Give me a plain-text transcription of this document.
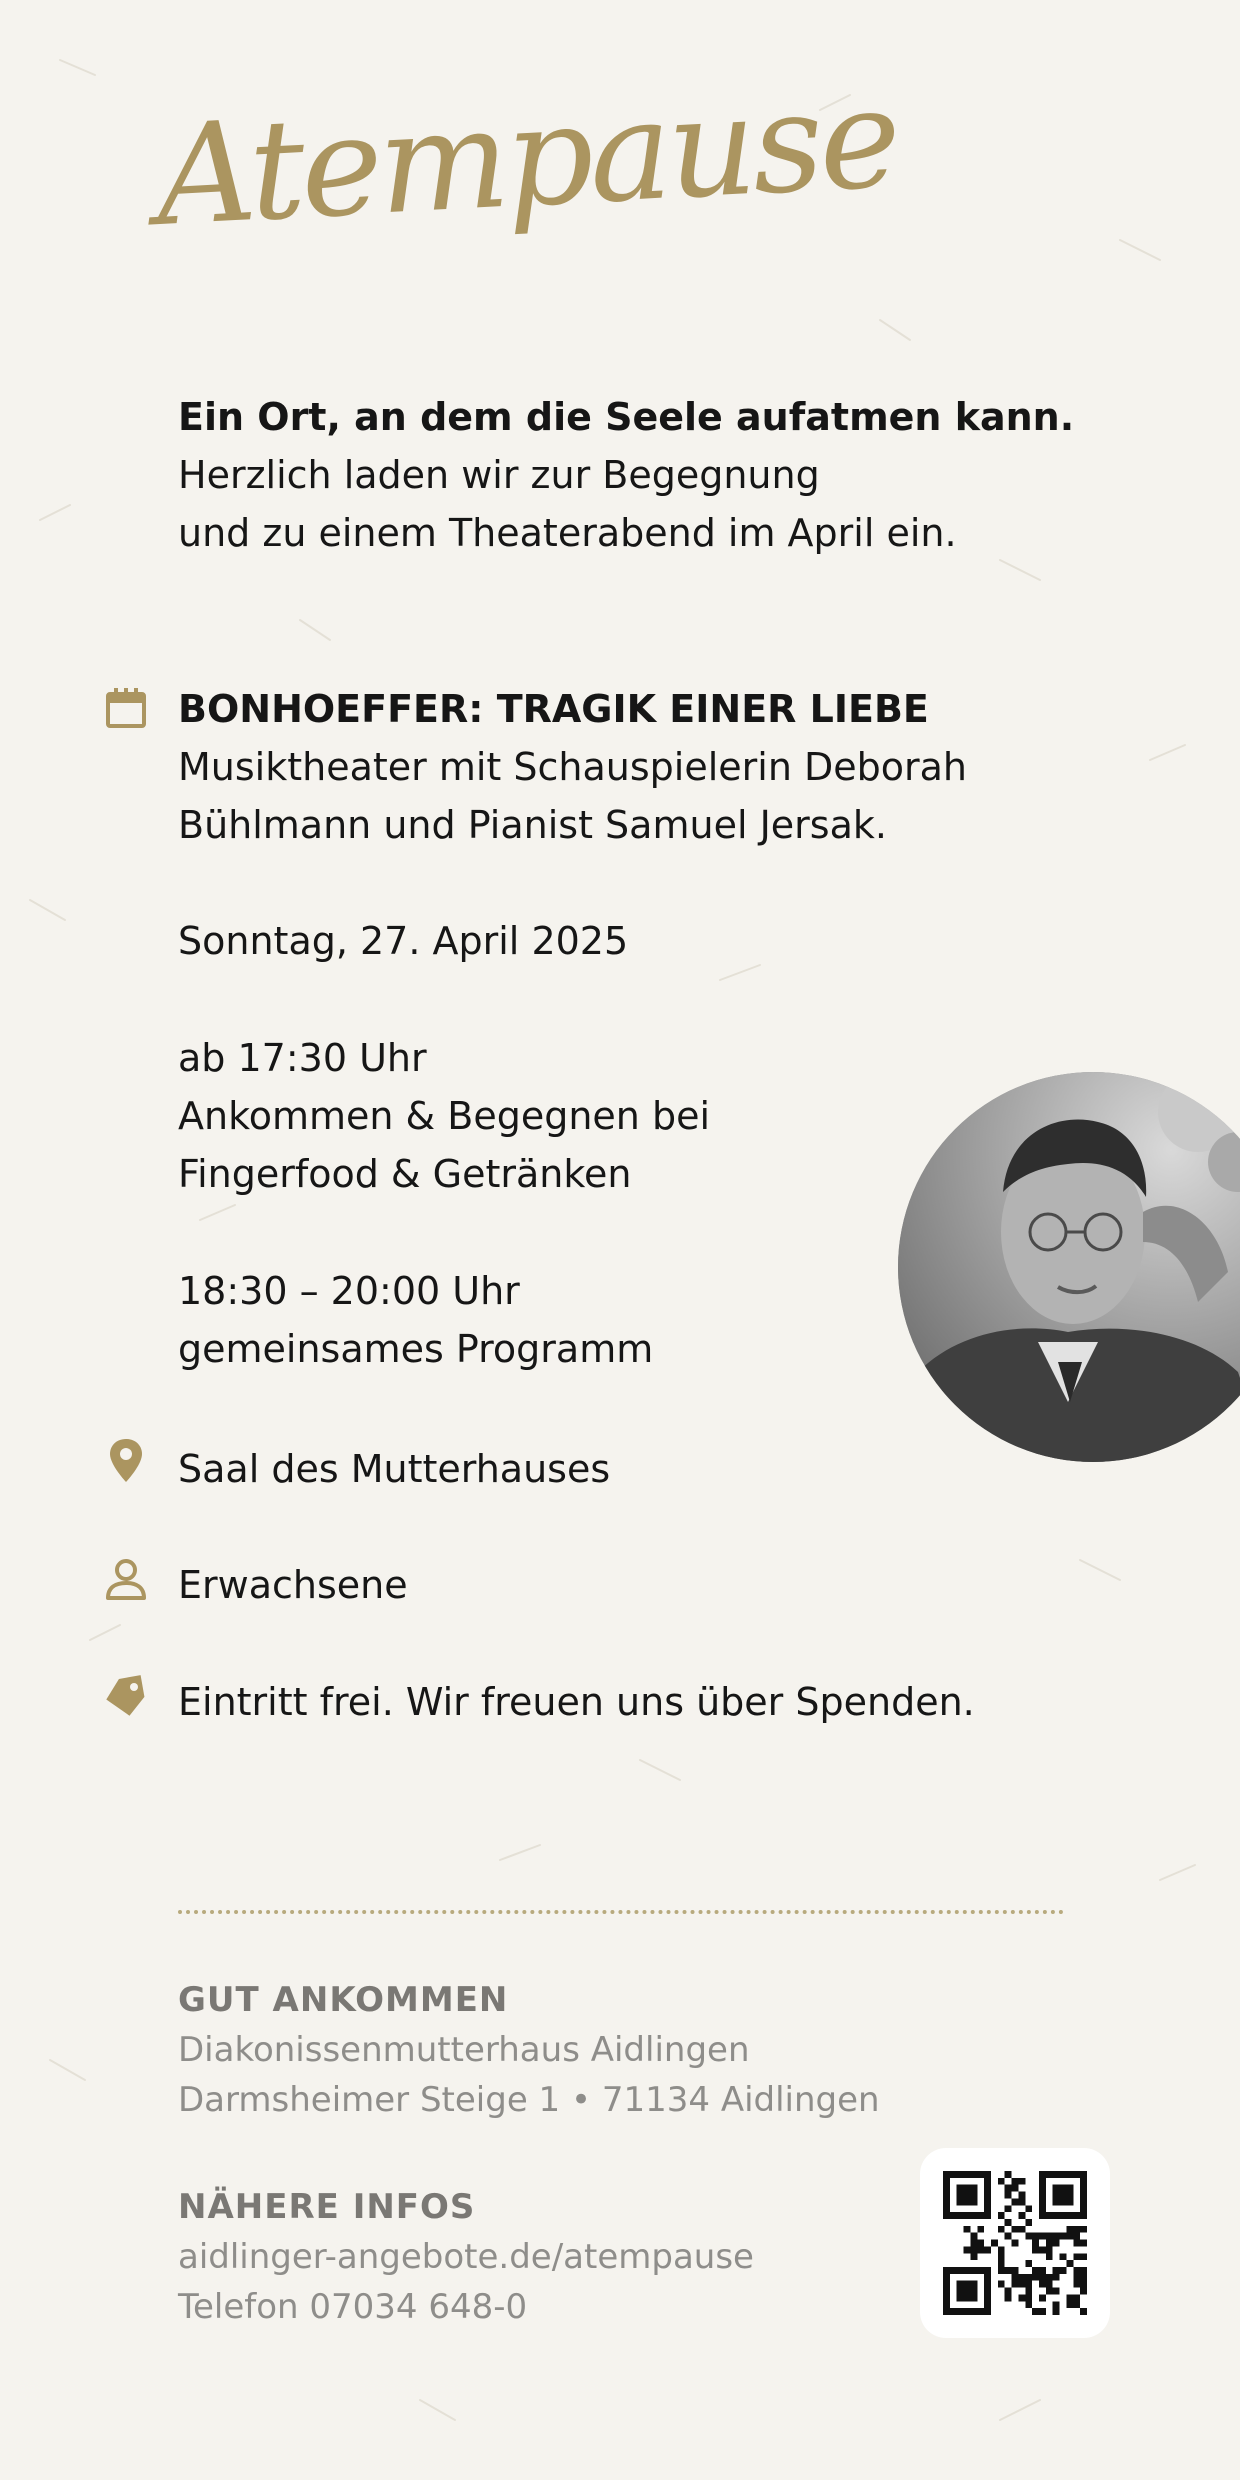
Atempause
Ein Ort, an dem die Seele aufatmen kann.
Herzlich laden wir zur Begegnung
und zu einem Theaterabend im April ein.
BONHOEFFER: TRAGIK EINER LIEBE
Musiktheater mit Schauspielerin Deborah
Bühlmann und Pianist Samuel Jersak.
Sonntag, 27. April 2025
ab 17:30 Uhr
Ankommen & Begegnen bei
Fingerfood & Getränken
18:30 – 20:00 Uhr
gemeinsames Programm
Saal des Mutterhauses
Erwachsene
Eintritt frei. Wir freuen uns über Spenden.
GUT ANKOMMEN
Diakonissenmutterhaus Aidlingen
Darmsheimer Steige 1 • 71134 Aidlingen
NÄHERE INFOS
aidlinger-angebote.de/atempause
Telefon 07034 648-0
